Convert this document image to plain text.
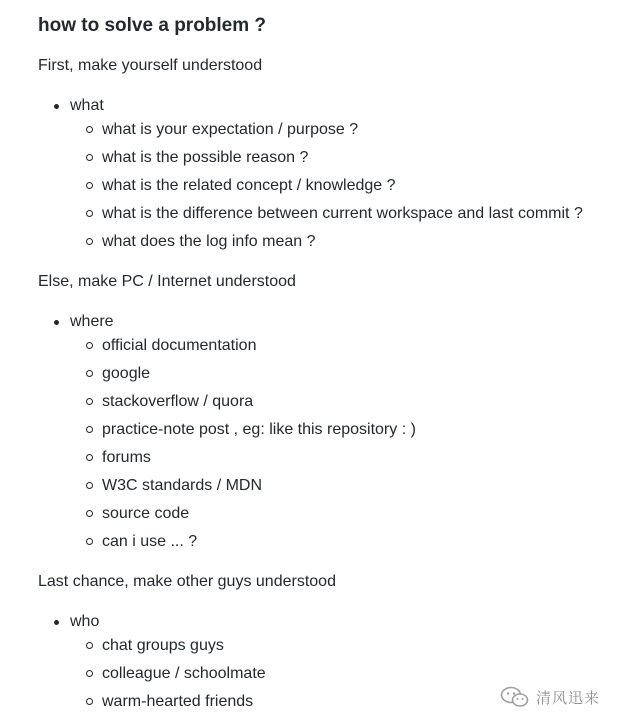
how to solve a problem ?

First, make yourself understood

what
what is your expectation / purpose ?
what is the possible reason ?
what is the related concept / knowledge ?
what is the difference between current workspace and last commit ?
what does the log info mean ?

Else, make PC / Internet understood

where
official documentation
google
stackoverflow / quora
practice-note post , eg: like this repository : )
forums
W3C standards / MDN
source code
can i use ... ?

Last chance, make other guys understood

who
chat groups guys
colleague / schoolmate
warm-hearted friends	清风迅来
